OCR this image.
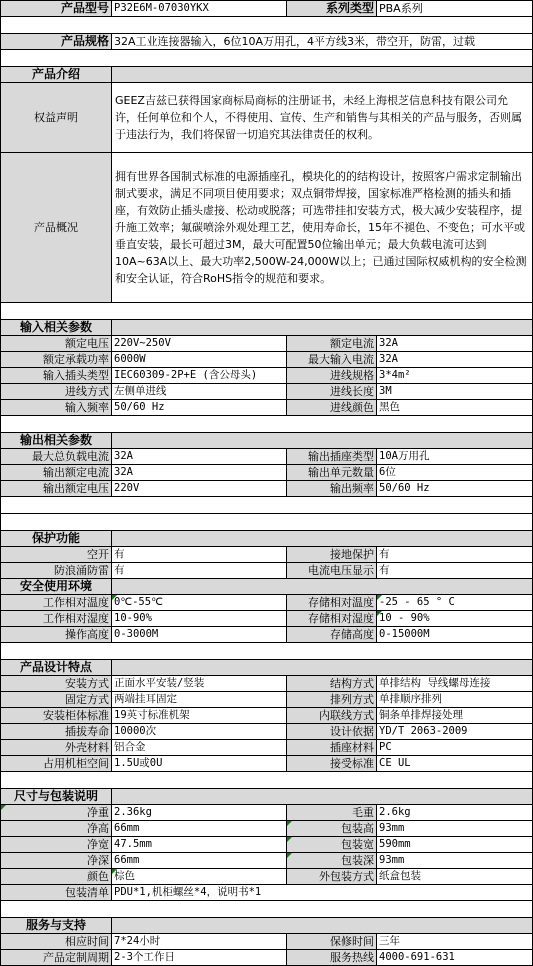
产品型号	P32E6M-07030YKX	系列类型	PBA系列

产品规格	32A工业连接器输入，6位10A万用孔，4平方线3米，带空开，防雷，过载		

产品介绍			
权益声明	GEEZ吉兹已获得国家商标局商标的注册证书，未经上海根芝信息科技有限公司允许，任何单位和个人，不得使用、宣传、生产和销售与其相关的产品与服务，否则属于违法行为，我们将保留一切追究其法律责任的权利。		
产品概况	拥有世界各国制式标准的电源插座孔，模块化的的结构设计，按照客户需求定制输出制式要求，满足不同项目使用要求；双点铜带焊接，国家标准严格检测的插头和插座，有效防止插头虚接、松动或脱落；可选带挂扣安装方式，极大减少安装程序，提升施工效率；氟碳喷涂外观处理工艺，使用寿命长，15年不褪色、不变色；可水平或垂直安装，最长可超过3M，最大可配置50位输出单元；最大负载电流可达到10A~63A以上、最大功率2,500W-24,000W以上；已通过国际权威机构的安全检测和安全认证，符合RoHS指令的规范和要求。		

输入相关参数			
额定电压	220V~250V	额定电流	32A
额定承载功率	6000W	最大输入电流	32A
输入插头类型	IEC60309-2P+E (含公母头)	进线规格	3*4m²
进线方式	左侧单进线	进线长度	3M
输入频率	50/60 Hz	进线颜色	黑色

输出相关参数			
最大总负载电流	32A	输出插座类型	10A万用孔
输出额定电流	32A	输出单元数量	6位
输出额定电压	220V	输出频率	50/60 Hz

保护功能			
空开	有	接地保护	有
防浪涌防雷	有	电流电压显示	有
安全使用环境			
工作相对温度	0℃-55℃	存储相对温度	-25 - 65 ° C
工作相对湿度	10-90%	存储相对湿度	10 - 90%
操作高度	0-3000M	存储高度	0-15000M

产品设计特点			
安装方式	正面水平安装/竖装	结构方式	单排结构 导线螺母连接
固定方式	两端挂耳固定	排列方式	单排顺序排列
安装柜体标准	19英寸标准机架	内联线方式	铜条单排焊接处理
插拔寿命	10000次	设计依据	YD/T 2063-2009
外壳材料	铝合金	插座材料	PC
占用机柜空间	1.5U或0U	接受标准	CE UL

尺寸与包装说明			
净重	2.36kg	毛重	2.6kg
净高	66mm	包装高	93mm
净宽	47.5mm	包装宽	590mm
净深	66mm	包装深	93mm
颜色	棕色	外包装方式	纸盒包装
包装清单	PDU*1,机柜螺丝*4，说明书*1		

服务与支持			
相应时间	7*24小时	保修时间	三年
产品定制周期	2-3个工作日	服务热线	4000-691-631
